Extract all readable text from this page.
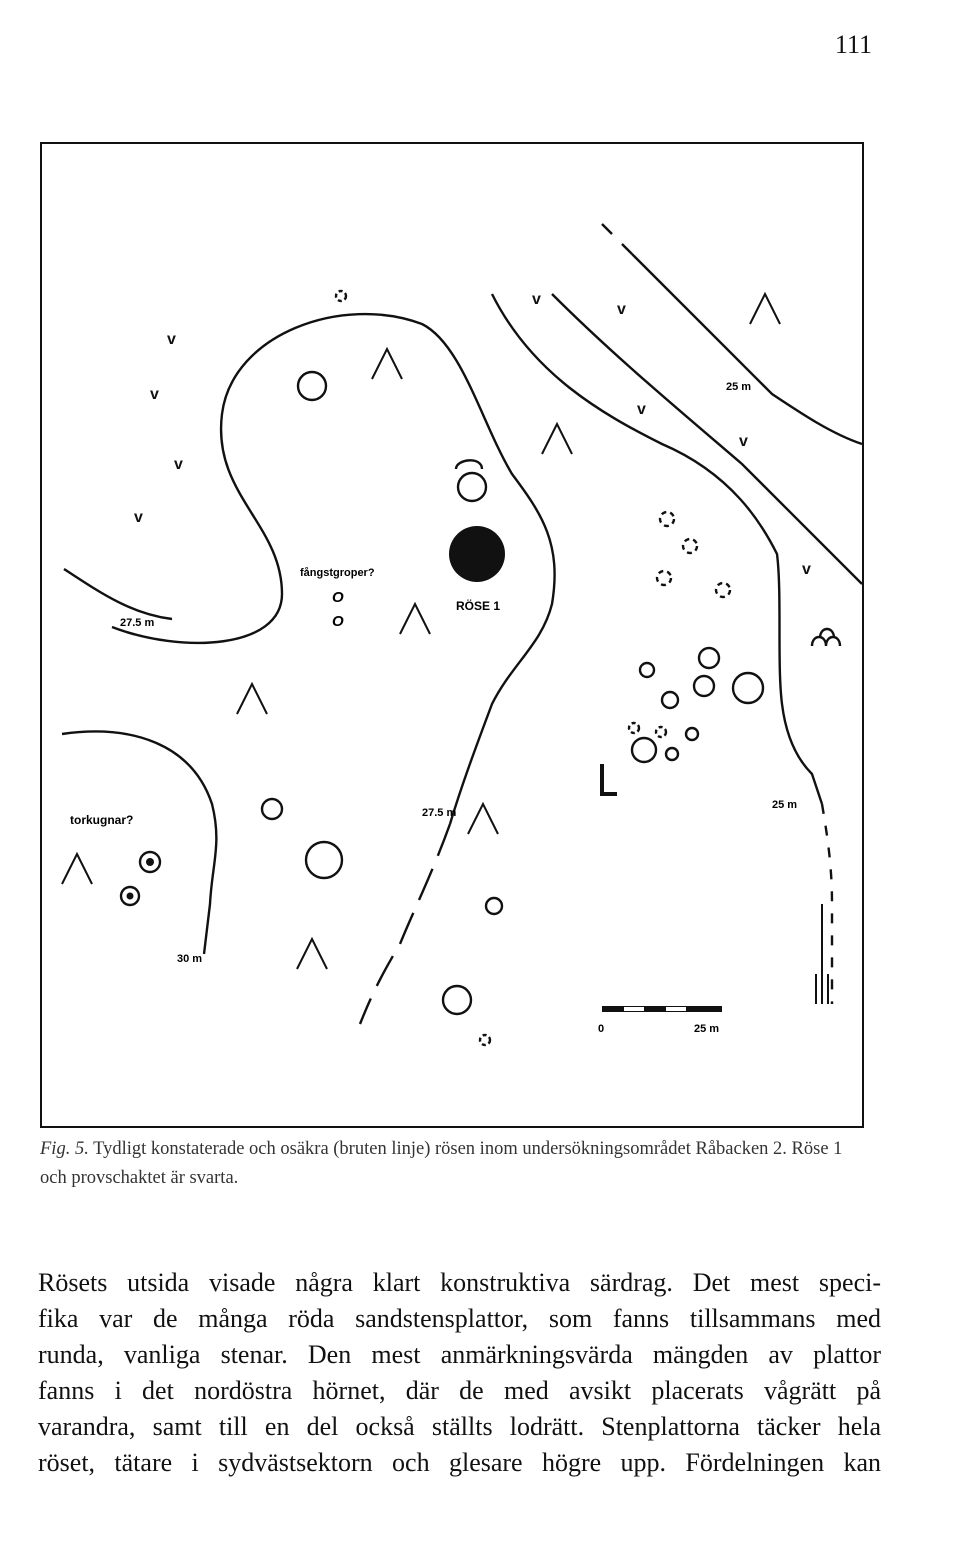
111
v
v
v
v
v
v
v
v
v
fångstgroper?
O
O
RÖSE 1
torkugnar?
27.5 m
27.5 m
25 m
25 m
30 m
0	25 m
Fig. 5. Tydligt konstaterade och osäkra (bruten linje) rösen inom undersökningsområdet Råbacken 2. Röse 1 och provschaktet är svarta.
Rösets utsida visade några klart konstruktiva särdrag. Det mest speci-
fika var de många röda sandstensplattor, som fanns tillsammans med
runda, vanliga stenar. Den mest anmärkningsvärda mängden av plattor
fanns i det nordöstra hörnet, där de med avsikt placerats vågrätt på
varandra, samt till en del också ställts lodrätt. Stenplattorna täcker hela
röset, tätare i sydvästsektorn och glesare högre upp. Fördelningen kan
